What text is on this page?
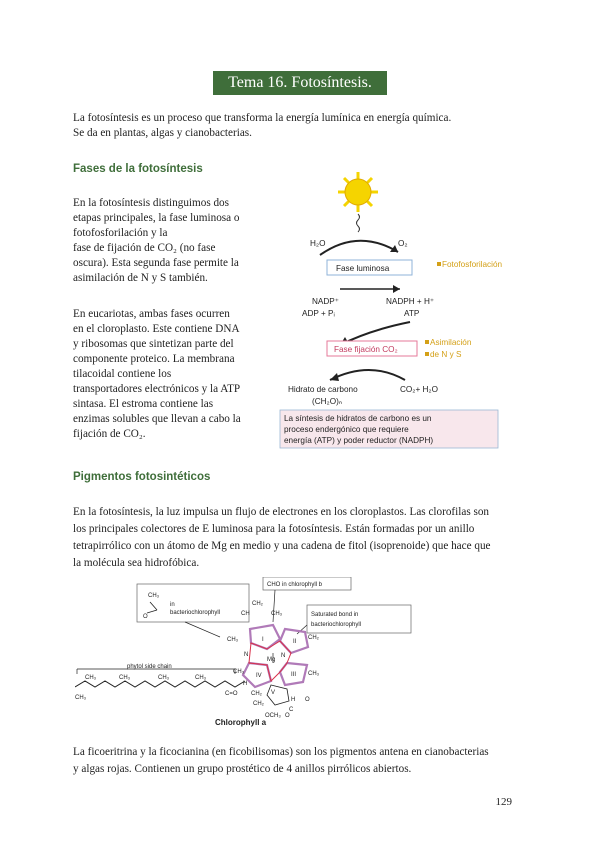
Tema 16. Fotosíntesis.
La fotosíntesis es un proceso que transforma la energía lumínica en energía química.
Se da en plantas, algas y cianobacterias.
Fases de la fotosíntesis
En la fotosíntesis distinguimos dos
etapas principales, la fase luminosa o
fotofosforilación y la
fase de fijación de CO₂ (no fase
oscura). Esta segunda fase permite la
asimilación de N y S también.
En eucariotas, ambas fases ocurren
en el cloroplasto. Este contiene DNA
y ribosomas que sintetizan parte del
componente proteico. La membrana
tilacoidal contiene los
transportadores electrónicos y la ATP
sintasa. El estroma contiene las
enzimas solubles que llevan a cabo la
fijación de CO₂.
H₂O	O₂
Fase luminosa	Fotofosforilación
NADP⁺
ADP + Pᵢ
NADPH + H⁺
ATP
Fase fijación CO₂
Asimilación
de N y S
Hidrato de carbono
(CH₂O)ₙ
CO₂+ H₂O
La síntesis de hidratos de carbono es un
proceso endergónico que requiere
energía (ATP) y poder reductor (NADPH)
Pigmentos fotosintéticos
En la fotosíntesis, la luz impulsa un flujo de electrones en los cloroplastos. Las clorofilas son
los principales colectores de E luminosa para la fotosíntesis. Están formadas por un anillo
tetrapirrólico con un átomo de Mg en medio y una cadena de fitol (isoprenoide) que hace que
la molécula sea hidrofóbica.
CH₃
in
bacteriochlorophyll
O
CHO in chlorophyll b
Saturated bond in
bacteriochlorophyll
CH₂
CH	CH₃
CH₂
CH₃
CH₃
Mg
I	II
III
IV
V
N	N
CH₃
H
CH₂
CH₂
H
C
O
OCH₃ O
phytol side chain
CH₃	CH₃	CH₃	CH₃
CH₃
C=O
Chlorophyll a
La ficoeritrina y la ficocianina (en ficobilisomas) son los pigmentos antena en cianobacterias
y algas rojas. Contienen un grupo prostético de 4 anillos pirrólicos abiertos.
129
